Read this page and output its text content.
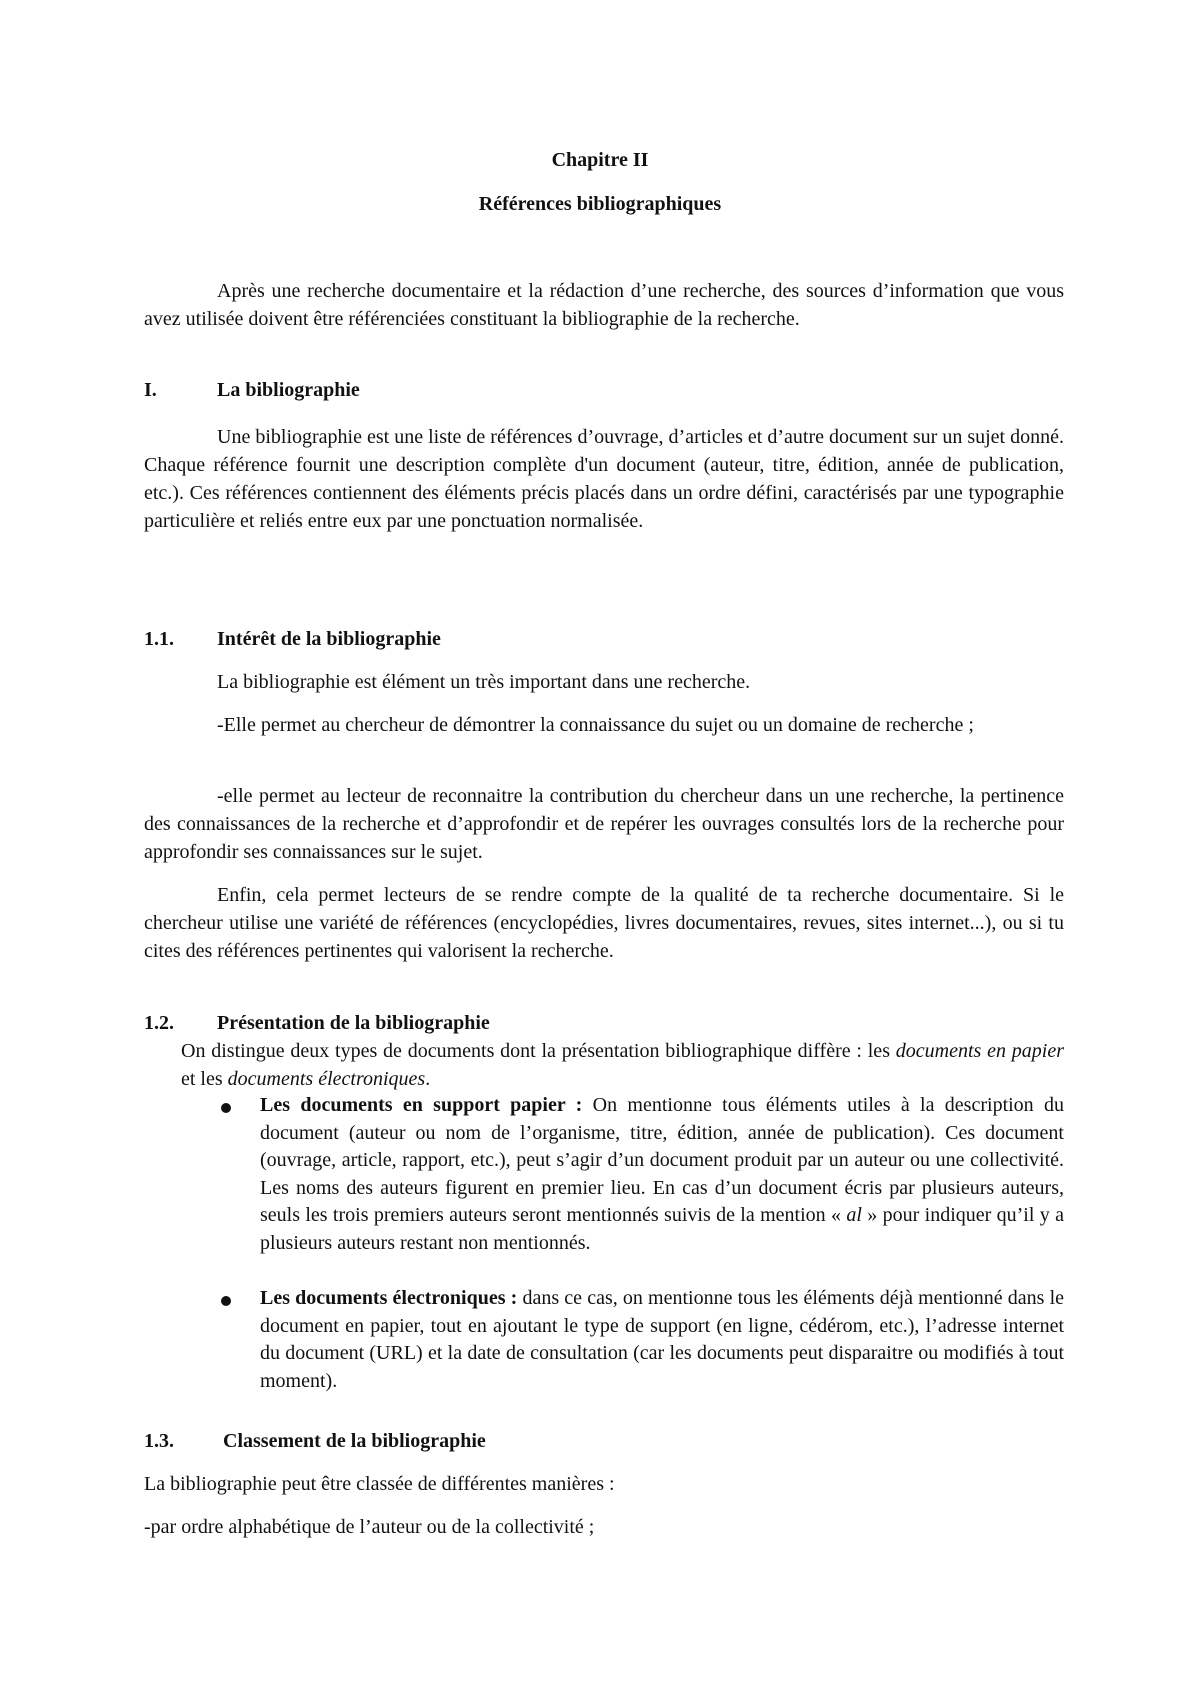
Chapitre II
Références bibliographiques
Après une recherche documentaire et la rédaction d’une recherche, des sources d’information que vous avez utilisée doivent être référenciées constituant la bibliographie de la recherche.
I.	La bibliographie
Une bibliographie est une liste de références d’ouvrage, d’articles et d’autre document sur un sujet donné. Chaque référence fournit une description complète d'un document (auteur, titre, édition, année de publication, etc.). Ces références contiennent des éléments précis placés dans un ordre défini, caractérisés par une typographie particulière et reliés entre eux par une ponctuation normalisée.
1.1. Intérêt de la bibliographie
La bibliographie est élément un très important dans une recherche.
-Elle permet au chercheur de démontrer la connaissance du sujet ou un domaine de recherche ;
-elle permet au lecteur de reconnaitre la contribution du chercheur dans un une recherche, la pertinence des connaissances de la recherche et d’approfondir et de repérer les ouvrages consultés lors de la recherche pour approfondir ses connaissances sur le sujet.
Enfin, cela permet lecteurs de se rendre compte de la qualité de ta recherche documentaire. Si le chercheur utilise une variété de références (encyclopédies, livres documentaires, revues, sites internet...), ou si tu cites des références pertinentes qui valorisent la recherche.
1.2. Présentation de la bibliographie
On distingue deux types de documents dont la présentation bibliographique diffère : les documents en papier et les documents électroniques.
Les documents en support papier : On mentionne tous éléments utiles à la description du document (auteur ou nom de l’organisme, titre, édition, année de publication). Ces document (ouvrage, article, rapport, etc.), peut s’agir d’un document produit par un auteur ou une collectivité. Les noms des auteurs figurent en premier lieu. En cas d’un document écris par plusieurs auteurs, seuls les trois premiers auteurs seront mentionnés suivis de la mention « al » pour indiquer qu’il y a plusieurs auteurs restant non mentionnés.
Les documents électroniques : dans ce cas, on mentionne tous les éléments déjà mentionné dans le document en papier, tout en ajoutant le type de support (en ligne, cédérom, etc.), l’adresse internet du document (URL) et la date de consultation (car les documents peut disparaitre ou modifiés à tout moment).
1.3. Classement de la bibliographie
La bibliographie peut être classée de différentes manières :
-par ordre alphabétique de l’auteur ou de la collectivité ;
